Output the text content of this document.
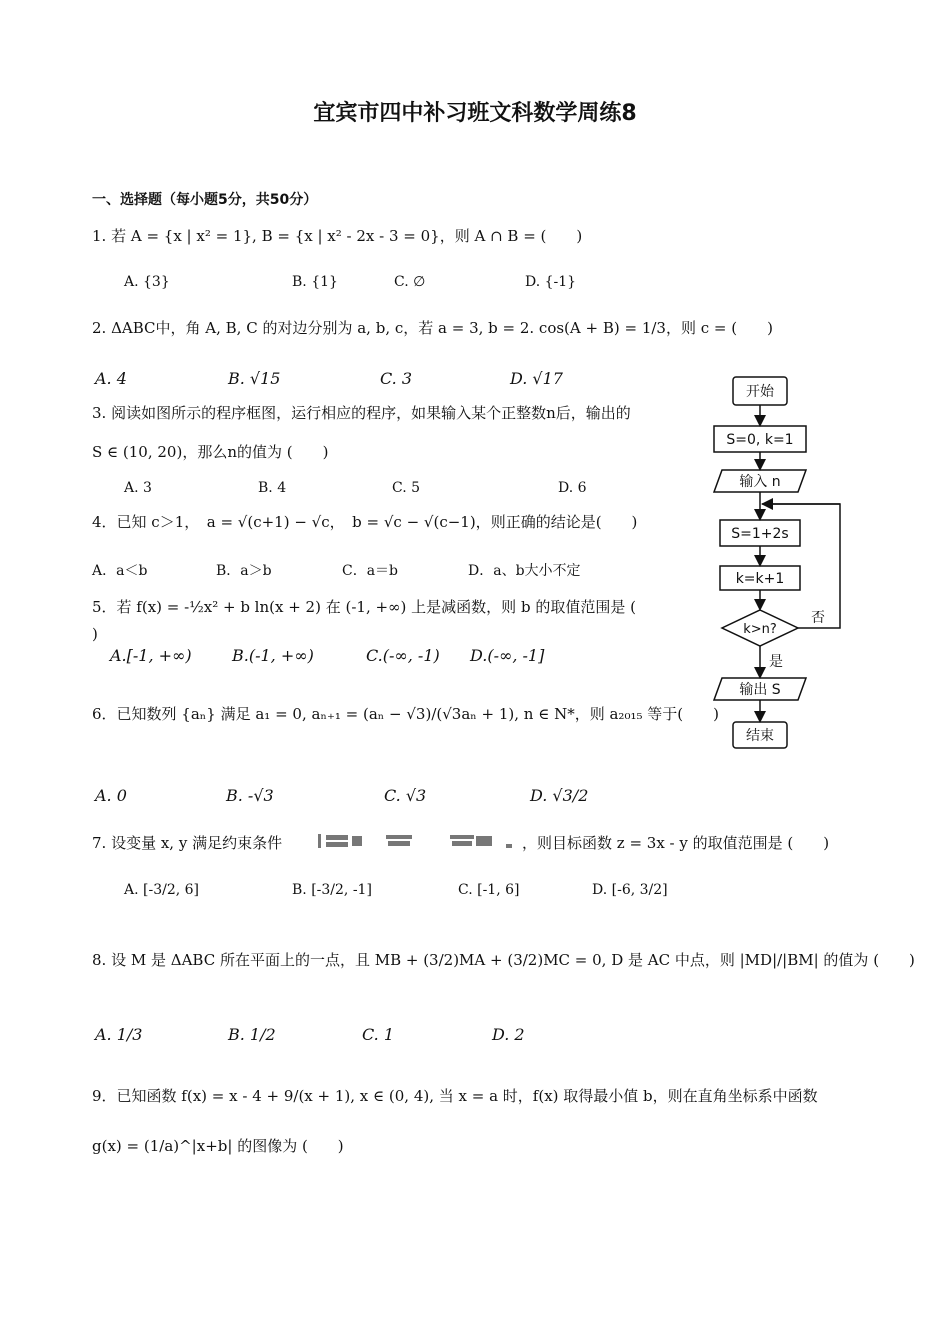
宜宾市四中补习班文科数学周练8
一、选择题（每小题5分，共50分）
1. 若 A = {x | x² = 1}, B = {x | x² - 2x - 3 = 0}，则 A ∩ B = (　　)
A. {3}	B. {1}	C. ∅	D. {-1}
2. ΔABC中，角 A, B, C 的对边分别为 a, b, c，若 a = 3, b = 2. cos(A + B) = 1/3，则 c = (　　)
A. 4	B. √15	C. 3	D. √17
3. 阅读如图所示的程序框图，运行相应的程序，如果输入某个正整数n后，输出的
S ∈ (10, 20)，那么n的值为 (　　)
A. 3	B. 4	C. 5	D. 6
4．已知 c＞1，　a = √(c+1) − √c，　b = √c − √(c−1)，则正确的结论是(　　)
A．a＜b	B．a＞b	C．a＝b	D．a、b大小不定
5．若 f(x) = -½x² + b ln(x + 2) 在 (-1, +∞) 上是减函数，则 b 的取值范围是 (
)
A.[-1, +∞)	B.(-1, +∞)	C.(-∞, -1) D.(-∞, -1]
6．已知数列 {aₙ} 满足 a₁ = 0, aₙ₊₁ = (aₙ − √3)/(√3aₙ + 1), n ∈ N*，则 a₂₀₁₅ 等于(　　)
A. 0	B. -√3	C. √3	D. √3/2
7. 设变量 x, y 满足约束条件	，则目标函数 z = 3x - y 的取值范围是 (　　)
A. [-3/2, 6]	B. [-3/2, -1]	C. [-1, 6]	D. [-6, 3/2]
8. 设 M 是 ΔABC 所在平面上的一点，且 MB + (3/2)MA + (3/2)MC = 0, D 是 AC 中点，则 |MD|/|BM| 的值为 (　　)
A. 1/3	B. 1/2	C. 1	D. 2
9．已知函数 f(x) = x - 4 + 9/(x + 1), x ∈ (0, 4), 当 x = a 时，f(x) 取得最小值 b，则在直角坐标系中函数
g(x) = (1/a)^|x+b| 的图像为 (　　)
开始
S=0, k=1
输入 n
S=1+2s
k=k+1
k>n?
否
是
输出 S
结束
